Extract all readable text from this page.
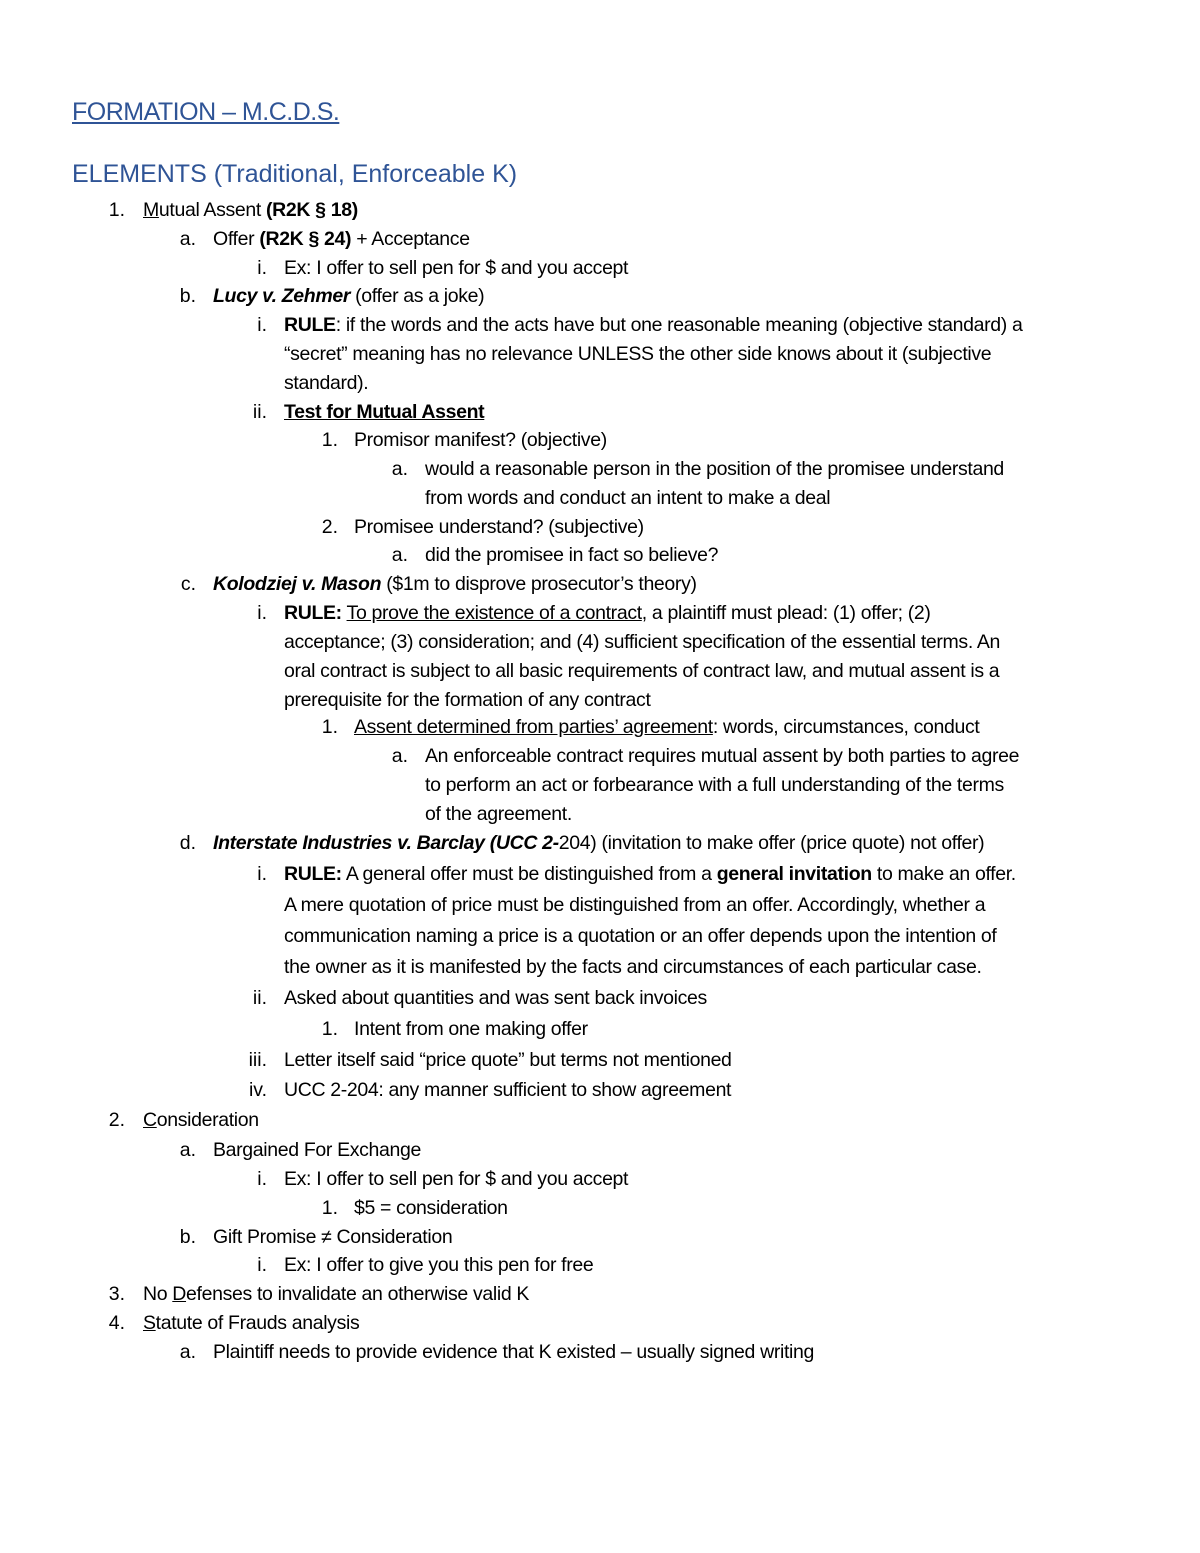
FORMATION – M.C.D.S.
ELEMENTS (Traditional, Enforceable K)
1. Mutual Assent (R2K § 18)
a. Offer (R2K § 24) + Acceptance
i. Ex: I offer to sell pen for $ and you accept
b. Lucy v. Zehmer (offer as a joke)
i. RULE: if the words and the acts have but one reasonable meaning (objective standard) a
“secret” meaning has no relevance UNLESS the other side knows about it (subjective
standard).
ii. Test for Mutual Assent
1. Promisor manifest? (objective)
a. would a reasonable person in the position of the promisee understand
from words and conduct an intent to make a deal
2. Promisee understand? (subjective)
a. did the promisee in fact so believe?
c. Kolodziej v. Mason ($1m to disprove prosecutor’s theory)
i. RULE: To prove the existence of a contract, a plaintiff must plead: (1) offer; (2)
acceptance; (3) consideration; and (4) sufficient specification of the essential terms. An
oral contract is subject to all basic requirements of contract law, and mutual assent is a
prerequisite for the formation of any contract
1. Assent determined from parties’ agreement: words, circumstances, conduct
a. An enforceable contract requires mutual assent by both parties to agree
to perform an act or forbearance with a full understanding of the terms
of the agreement.
d. Interstate Industries v. Barclay (UCC 2-204) (invitation to make offer (price quote) not offer)
i. RULE: A general offer must be distinguished from a general invitation to make an offer.
A mere quotation of price must be distinguished from an offer. Accordingly, whether a
communication naming a price is a quotation or an offer depends upon the intention of
the owner as it is manifested by the facts and circumstances of each particular case.
ii. Asked about quantities and was sent back invoices
1. Intent from one making offer
iii. Letter itself said “price quote” but terms not mentioned
iv. UCC 2-204: any manner sufficient to show agreement
2. Consideration
a. Bargained For Exchange
i. Ex: I offer to sell pen for $ and you accept
1. $5 = consideration
b. Gift Promise ≠ Consideration
i. Ex: I offer to give you this pen for free
3. No Defenses to invalidate an otherwise valid K
4. Statute of Frauds analysis
a. Plaintiff needs to provide evidence that K existed – usually signed writing
